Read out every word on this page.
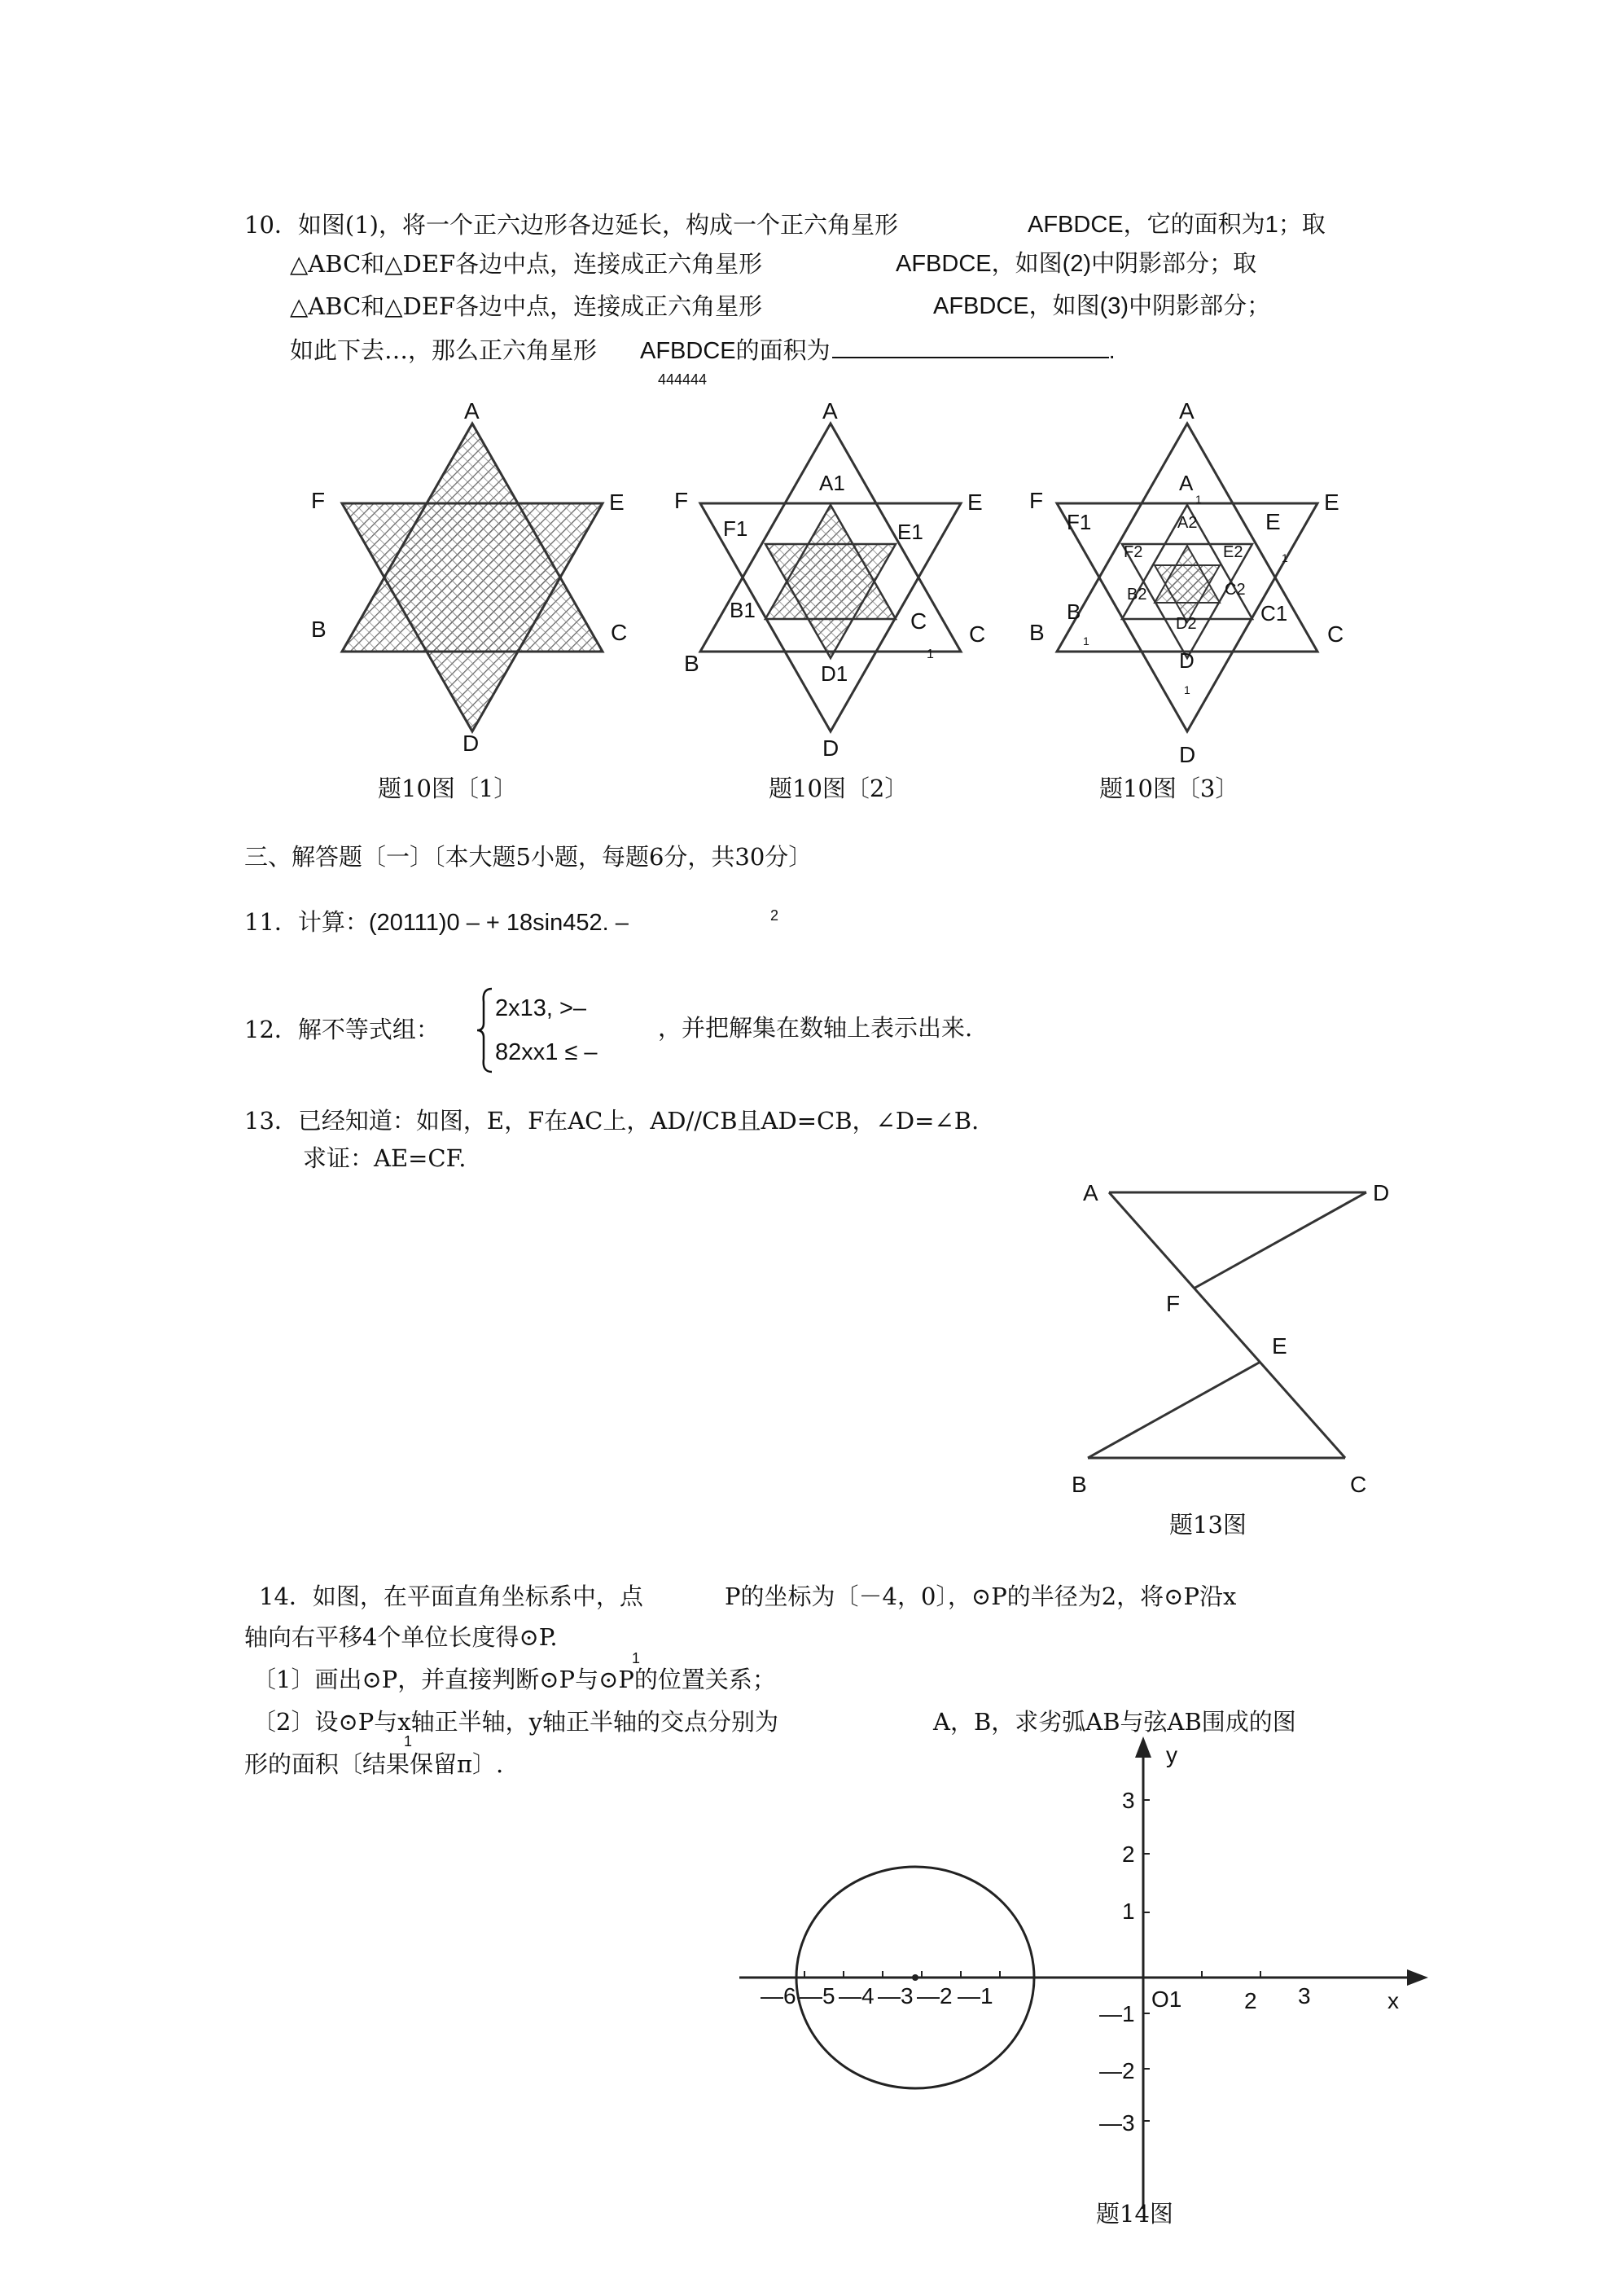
10．如图(1)，将一个正六边形各边延长，构成一个正六角星形	AFBDCE，它的面积为1；取
△ABC和△DEF各边中点，连接成正六角星形	AFBDCE，如图(2)中阴影部分；取
△ABC和△DEF各边中点，连接成正六角星形	AFBDCE，如图(3)中阴影部分；
如此下去…，那么正六角星形 AFBDCE的面积为	.
444444
A
F	E
B	C
D
题10图〔1〕
A
F	E
B
C
D
A1
F1	E1
B1	C
1
D1
题10图〔2〕
A
F	E
B	C
D
A
1
F1	E
1
B
1
C1
D
1
A2
F2	E2
B2	C2
D2
题10图〔3〕
三、解答题〔一〕〔本大题5小题，每题6分，共30分〕
11．计算：(20111)0 – + 18sin452. –	2
12．解不等式组：
2x13, >–
82xx1 ≤ –
，并把解集在数轴上表示出来.
13．已经知道：如图，E，F在AC上，AD//CB且AD=CB，∠D=∠B.
求证：AE=CF.
A	D
F
E
B	C
题13图
14．如图，在平面直角坐标系中，点	P的坐标为〔－4，0〕，⊙P的半径为2，将⊙P沿x
轴向右平移4个单位长度得⊙P.
1
〔1〕画出⊙P，并直接判断⊙P与⊙P的位置关系；
〔2〕设⊙P与x轴正半轴，y轴正半轴的交点分别为	A，B，求劣弧AB与弦AB围成的图
1
形的面积〔结果保留π〕.
—6 —5 —4 —3 —2 —1	O1	2 3	x
y
3
2
1
—1
—2
—3
题14图
